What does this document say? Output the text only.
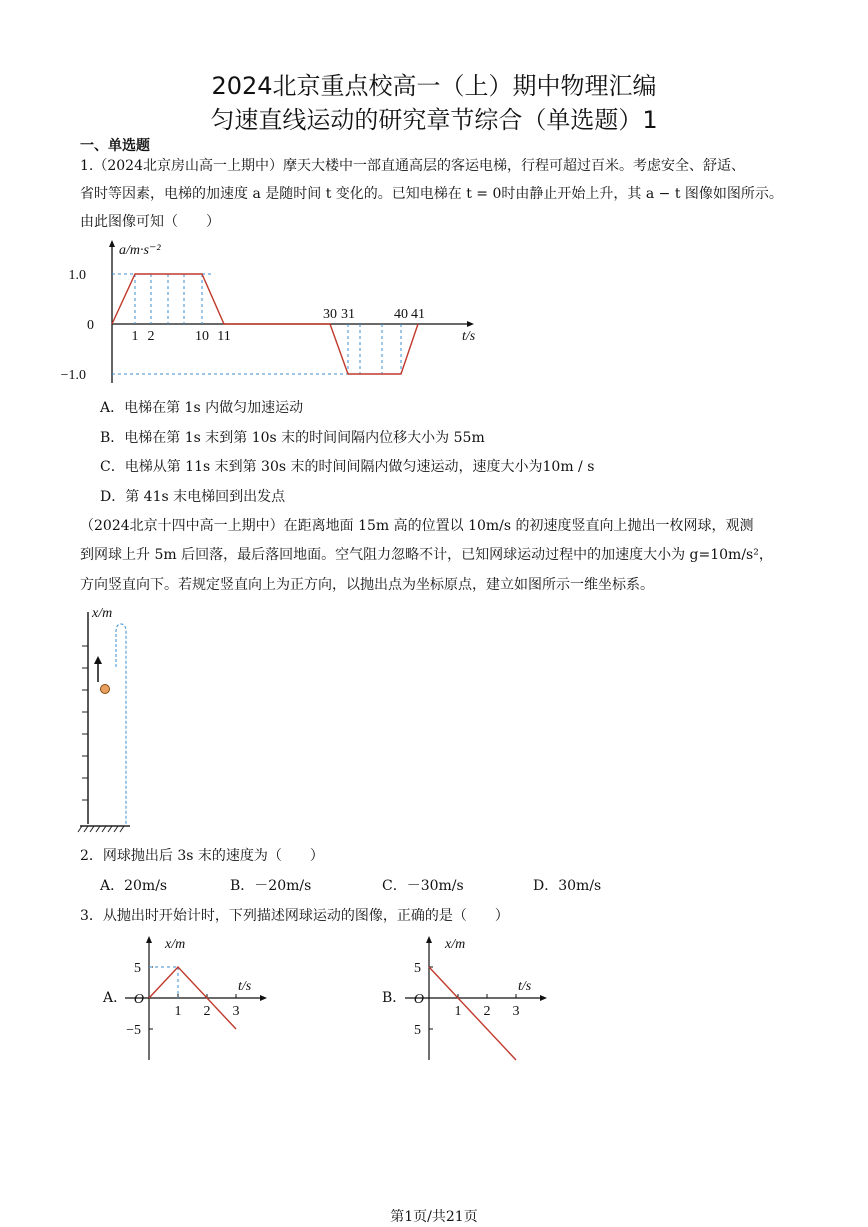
2024北京重点校高一（上）期中物理汇编
匀速直线运动的研究章节综合（单选题）1
一、单选题
1.（2024北京房山高一上期中）摩天大楼中一部直通高层的客运电梯，行程可超过百米。考虑安全、舒适、
省时等因素，电梯的加速度 a 是随时间 t 变化的。已知电梯在 t = 0时由静止开始上升，其 a − t 图像如图所示。
由此图像可知（　　）
a/m·s⁻²
t/s
1.0
0
−1.0
1 2	10 11
30 31	40 41
A．电梯在第 1s 内做匀加速运动
B．电梯在第 1s 末到第 10s 末的时间间隔内位移大小为 55m
C．电梯从第 11s 末到第 30s 末的时间间隔内做匀速运动，速度大小为10m / s
D．第 41s 末电梯回到出发点
（2024北京十四中高一上期中）在距离地面 15m 高的位置以 10m/s 的初速度竖直向上抛出一枚网球，观测
到网球上升 5m 后回落，最后落回地面。空气阻力忽略不计，已知网球运动过程中的加速度大小为 g=10m/s²，
方向竖直向下。若规定竖直向上为正方向，以抛出点为坐标原点，建立如图所示一维坐标系。
x/m
2．网球抛出后 3s 末的速度为（　　）
A．20m/s	B．－20m/s	C．－30m/s	D．30m/s
3．从抛出时开始计时，下列描述网球运动的图像，正确的是（　　）
A．
x/m
t/s
1 2 3
5
O
−5
B．
x/m
t/s
1 2 3
5
O
5
第1页/共21页
